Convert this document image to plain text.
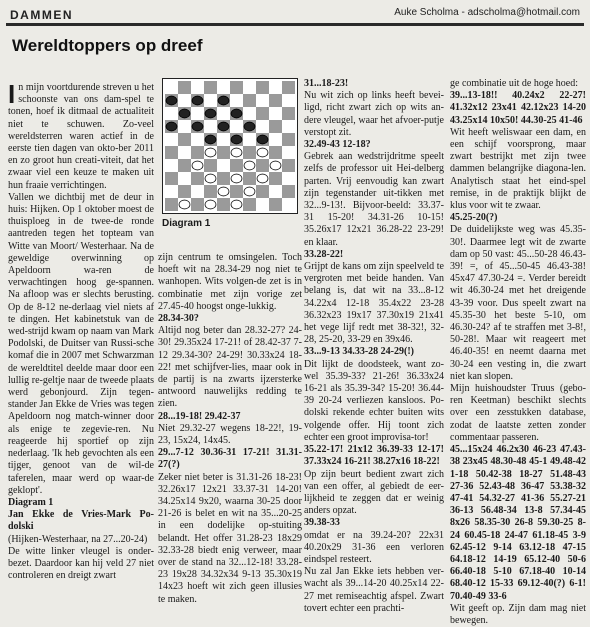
DAMMEN	Auke Scholma - adscholma@hotmail.com
Wereldtoppers op dreef

In mijn voortdurende streven u het schoonste van ons dam-spel te tonen, hoef ik ditmaal de actualiteit niet te schuwen. Zo-veel wereldsterren waren actief in de eerste tien dagen van okto-ber 2011 en zo groot hun creati-viteit, dat het zwaar viel een keuze te maken uit hun fraaie verrichtingen.

Vallen we dichtbij met de deur in huis: Hijken. Op 1 oktober moest de thuisploeg in de twee-de ronde aantreden tegen het topteam van Witte van Moort/ Westerhaar. Na de geweldige overwinning op Apeldoorn wa-ren de verwachtingen hoog ge-spannen. Na afloop was er slechts berusting. Op de 8-12 ne-derlaag viel niets af te dingen. Het kabinetstuk van de wed-strijd kwam op naam van Mark Podolski, de Duitser van Russi-sche komaf die in 2007 met Schwarzman de wereldtitel deelde maar door een lullig re-geltje naar de tweede plaats werd gebonjourd. Zijn tegen-stander Jan Ekke de Vries was tegen Apeldoorn nog match-winner door als enige te zegevie-ren. Nu reageerde hij sportief op zijn nederlaag. 'Ik heb gevochten als een tijger, genoot van de wil-de taferelen, maar werd op waar-de geklopt'.

Diagram 1

Jan Ekke de Vries-Mark Po-dolski

(Hijken-Westerhaar, na 27...20-24)

De witte linker vleugel is onder-bezet. Daardoor kan hij veld 27 niet controleren en dreigt zwart

Diagram 1

zijn centrum te omsingelen. Toch hoeft wit na 28.34-29 nog niet te wanhopen. Wits volgen-de zet is in combinatie met zijn vorige zet 27.45-40 hoogst onge-lukkig.

28.34-30?

Altijd nog beter dan 28.32-27? 24-30! 29.35x24 17-21! of 28.42-37 7-12 29.34-30? 24-29! 30.33x24 18-22! met schijfver-lies, maar ook in de partij is na zwarts ijzersterke antwoord nauwelijks redding te zien.

28...19-18! 29.42-37

Niet 29.32-27 wegens 18-22!, 19-23, 15x24, 14x45.

29...7-12 30.36-31 17-21! 31.31-27(?)

Zeker niet beter is 31.31-26 18-23! 32.26x17 12x21 33.37-31 14-20! 34.25x14 9x20, waarna 30-25 door 21-26 is belet en wit na 35...20-25 in een dodelijke op-stuiting belandt. Het offer 31.28-23 18x29 32.33-28 biedt enig verweer, maar over de stand na 32...12-18! 33.28-23 19x28 34.32x34 9-13 35.30x19 14x23 hoeft wit zich geen illusies te maken.

31...18-23!

Nu wit zich op links heeft bevei-ligd, richt zwart zich op wits an-dere vleugel, waar het afvoer-putje verstopt zit.

32.49-43 12-18?

Gebrek aan wedstrijdritme speelt zelfs de professor uit Hei-delberg parten. Vrij eenvoudig kan zwart zijn tegenstander uit-tikken met 32...9-13!. Bijvoor-beeld: 33.37-31 15-20! 34.31-26 10-15! 35.26x17 12x21 36.28-22 23-29! en klaar.

33.28-22!

Grijpt de kans om zijn speelveld te vergroten met beide handen. Van belang is, dat wit na 33...8-12 34.22x4 12-18 35.4x22 23-28 36.32x23 19x17 37.30x19 21x41 het vege lijf redt met 38-32!, 32-28, 25-20, 33-29 en 39x46.

33...9-13 34.33-28 24-29(!)

Dit lijkt de doodsteek, want zo-wel 35.39-33? 21-26! 36.33x24 16-21 als 35.39-34? 15-20! 36.44-39 20-24 verliezen kansloos. Po-dolski rekende echter buiten wits volgende offer. Hij toont zich echter een groot improvisa-tor!

35.22-17! 21x12 36.39-33 12-17! 37.33x24 16-21! 38.27x16 18-22!

Op zijn beurt bedient zwart zich van een offer, al gebiedt de eer-lijkheid te zeggen dat er weinig anders opzat.

39.38-33

omdat er na 39.24-20? 22x31 40.20x29 31-36 een verloren eindspel resteert.

Nu zal Jan Ekke iets hebben ver-wacht als 39...14-20 40.25x14 22-27 met remiseachtig afspel. Zwart tovert echter een prachti-

ge combinatie uit de hoge hoed:

39...13-18!! 40.24x2 22-27! 41.32x12 23x41 42.12x23 14-20 43.25x14 10x50! 44.30-25 41-46

Wit heeft weliswaar een dam, en een schijf voorsprong, maar zwart bestrijkt met zijn twee dammen belangrijke diagona-len. Analytisch staat het eind-spel remise, in de praktijk blijkt de klus voor wit te zwaar.

45.25-20(?)

De duidelijkste weg was 45.35-30!. Daarmee legt wit de zwarte dam op 50 vast: 45...50-28 46.43-39! =, of 45...50-45 46.43-38! 45x47 47.30-24 =. Verder bereidt wit 46.30-24 met het dreigende 43-39 voor. Dus speelt zwart na 45.35-30 het beste 5-10, om 46.30-24? af te straffen met 3-8!, 50-28!. Maar wit reageert met 46.40-35! en neemt daarna met 30-24 een vesting in, die zwart niet kan slopen.

Mijn huishoudster Truus (gebo-ren Keetman) beschikt slechts over een zesstukken database, zodat de laatste zetten zonder commentaar passeren.

45...15x24 46.2x30 46-23 47.43-38 23x45 48.30-48 45-1 49.48-42 1-18 50.42-38 18-27 51.48-43 27-36 52.43-48 36-47 53.38-32 47-41 54.32-27 41-36 55.27-21 36-13 56.48-34 13-8 57.34-45 8x26 58.35-30 26-8 59.30-25 8-24 60.45-18 24-47 61.18-45 3-9 62.45-12 9-14 63.12-18 47-15 64.18-12 14-19 65.12-40 50-6 66.40-18 5-10 67.18-40 10-14 68.40-12 15-33 69.12-40(?) 6-1! 70.40-49 33-6

Wit geeft op. Zijn dam mag niet bewegen.
